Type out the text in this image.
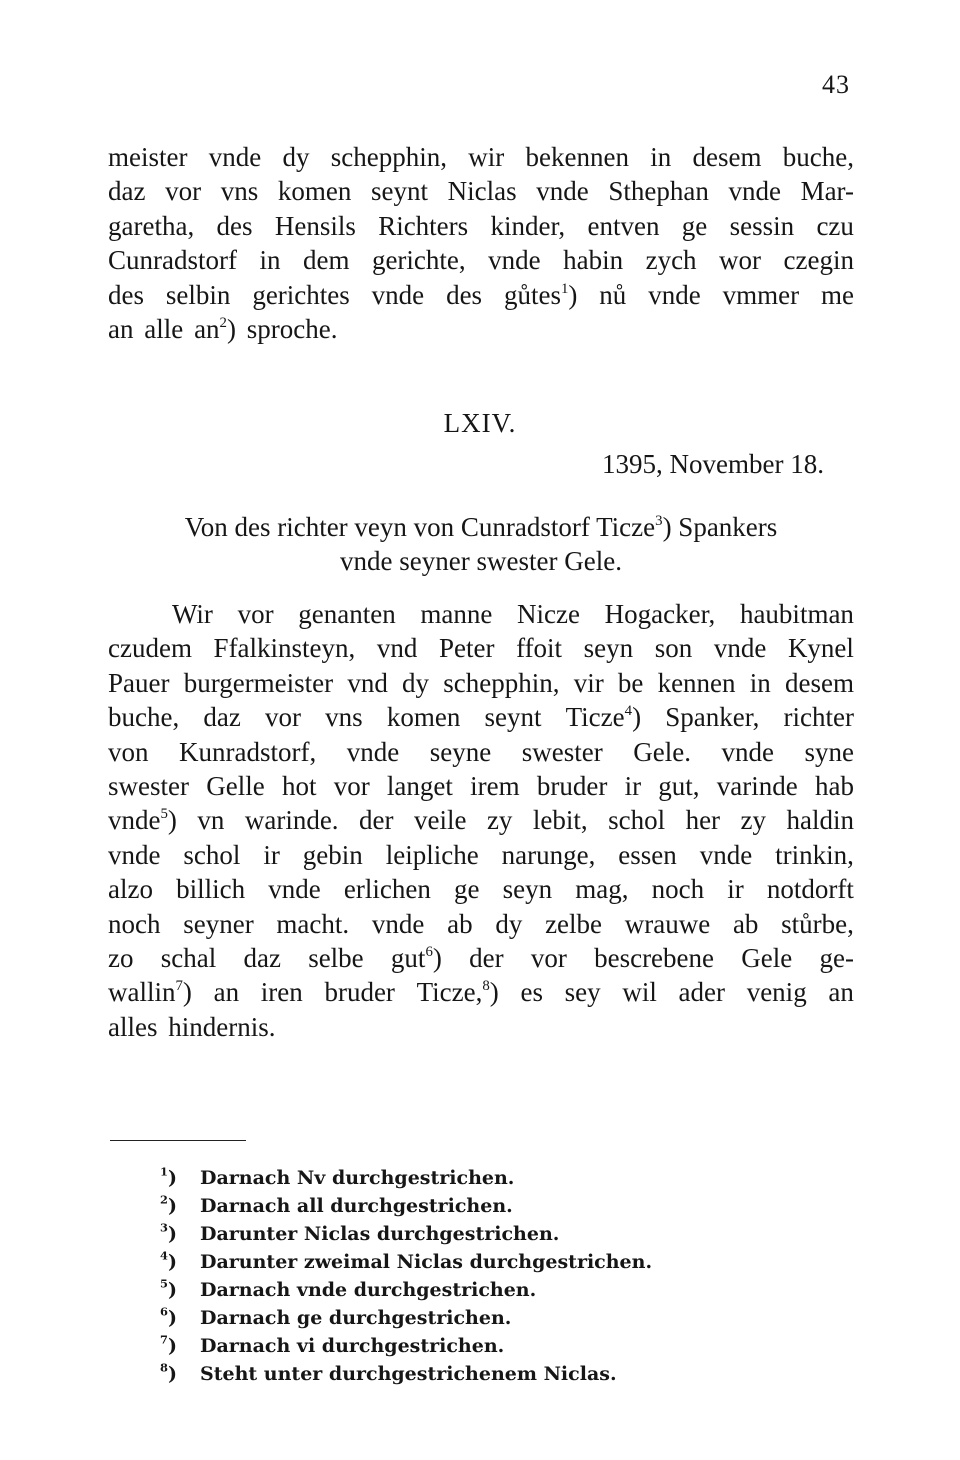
43
meister vnde dy schepphin, wir bekennen in desem buche,
daz vor vns komen seynt Niclas vnde Sthephan vnde Mar-
garetha, des Hensils Richters kinder, entven ge sessin czu
Cunradstorf in dem gerichte, vnde habin zych wor czegin
des selbin gerichtes vnde des gůtes$^1$) nů vnde vmmer me
an alle $an^2$) sproche.
LXIV.
1395, November 18.
Von des richter veyn von Cunradstorf Ticze$^3$) Spankers
vnde seyner swester Gele.
Wir vor genanten manne Nicze Hogacker, haubitman
czudem Ffalkinsteyn, vnd Peter ffoit seyn son vnde Kynel
Pauer burgermeister vnd dy schepphin, vir be kennen in desem
buche, daz vor vns komen seynt Ticze$^4$) Spanker, richter
von Kunradstorf, vnde seyne swester Gele. vnde syne
swester Gelle hot vor langet irem bruder ir gut, varinde hab
vnde$^5$) vn warinde. der veile zy lebit, schol her zy haldin
vnde schol ir gebin leipliche narunge, essen vnde trinkin,
alzo billich vnde erlichen ge seyn mag, noch ir notdorft
noch seyner macht. vnde ab dy zelbe wrauwe ab stůrbe,
zo schal daz selbe gut$^6$) der vor bescrebene Gele ge-
wallin$^7$) an iren bruder Ticze,$^8$) es sey wil ader venig an
alles hindernis.
$^1$) Darnach Nv durchgestrichen.
$^2$) Darnach all durchgestrichen.
$^3$) Darunter Niclas durchgestrichen.
$^4$) Darunter zweimal Niclas durchgestrichen.
$^5$) Darnach vnde durchgestrichen.
$^6$) Darnach ge durchgestrichen.
$^7$) Darnach vi durchgestrichen.
$^8$) Steht unter durchgestrichenem Niclas.
